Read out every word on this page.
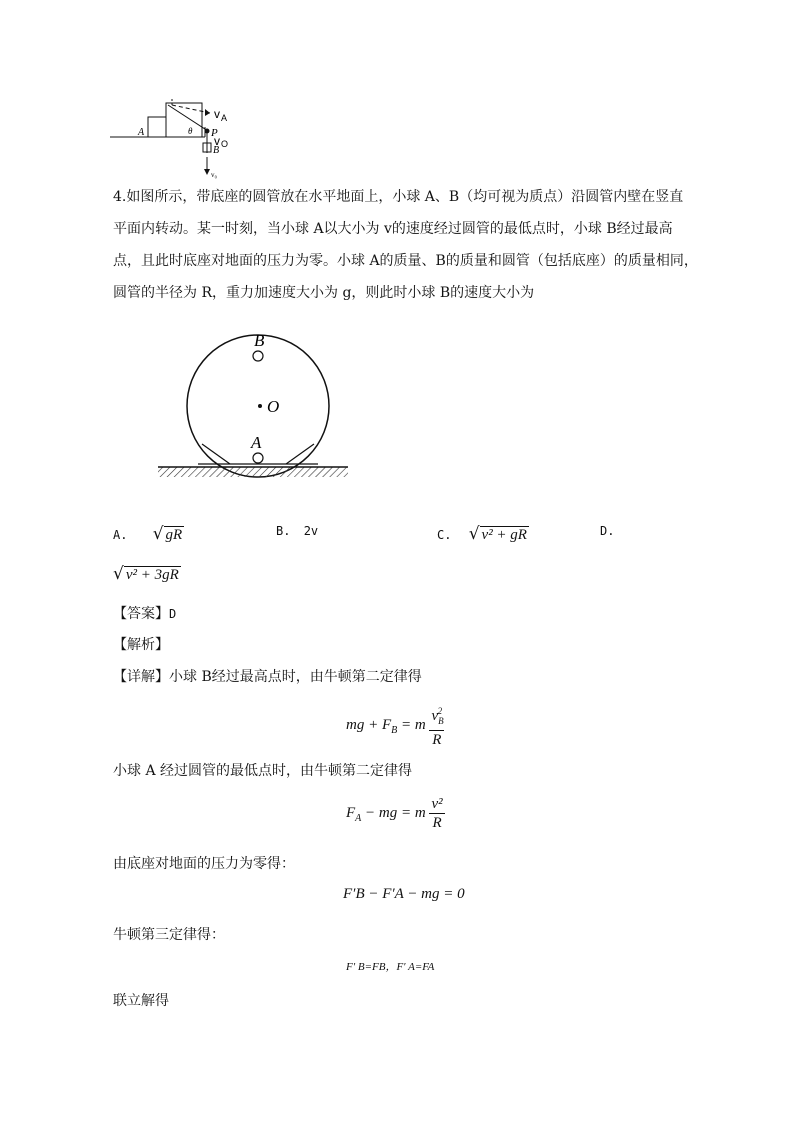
v A
P
v O
A
B
θ
v₀
4.如图所示，带底座的圆管放在水平地面上，小球 A、B（均可视为质点）沿圆管内壁在竖直
平面内转动。某一时刻，当小球 A以大小为 v的速度经过圆管的最低点时，小球 B经过最高
点，且此时底座对地面的压力为零。小球 A的质量、B的质量和圆管（包括底座）的质量相同，
圆管的半径为 R，重力加速度大小为 g，则此时小球 B的速度大小为
B
O
A
A. √ gR	B. 2v	C. √ v² + gR	D.
√ v² + 3gR
【答案】D
【解析】
【详解】小球 B经过最高点时，由牛顿第二定律得
mg + $F_B = m \frac{v_B^2}{R}$
小球 A 经过圆管的最低点时，由牛顿第二定律得
$F_A$ − mg = m $\frac{\text{v²}}{R}$
由底座对地面的压力为零得：
F′B − F′A − mg = 0
牛顿第三定律得：
F′ B=FB，F′ A=FA
联立解得
